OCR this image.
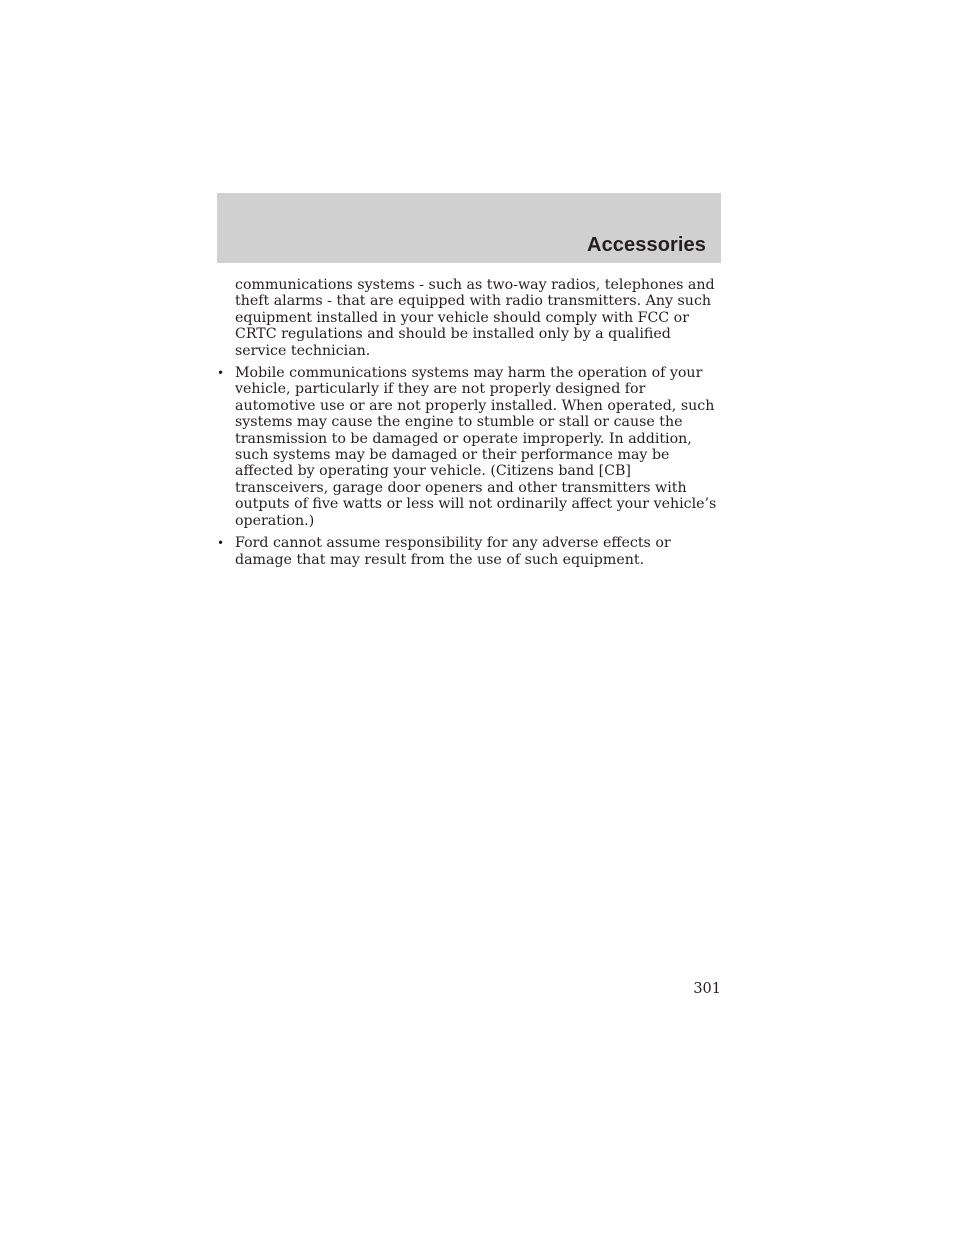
Accessories

communications systems - such as two-way radios, telephones and theft alarms - that are equipped with radio transmitters. Any such equipment installed in your vehicle should comply with FCC or CRTC regulations and should be installed only by a qualified service technician.

• Mobile communications systems may harm the operation of your vehicle, particularly if they are not properly designed for automotive use or are not properly installed. When operated, such systems may cause the engine to stumble or stall or cause the transmission to be damaged or operate improperly. In addition, such systems may be damaged or their performance may be affected by operating your vehicle. (Citizens band [CB] transceivers, garage door openers and other transmitters with outputs of five watts or less will not ordinarily affect your vehicle’s operation.)
• Ford cannot assume responsibility for any adverse effects or damage that may result from the use of such equipment.
301
